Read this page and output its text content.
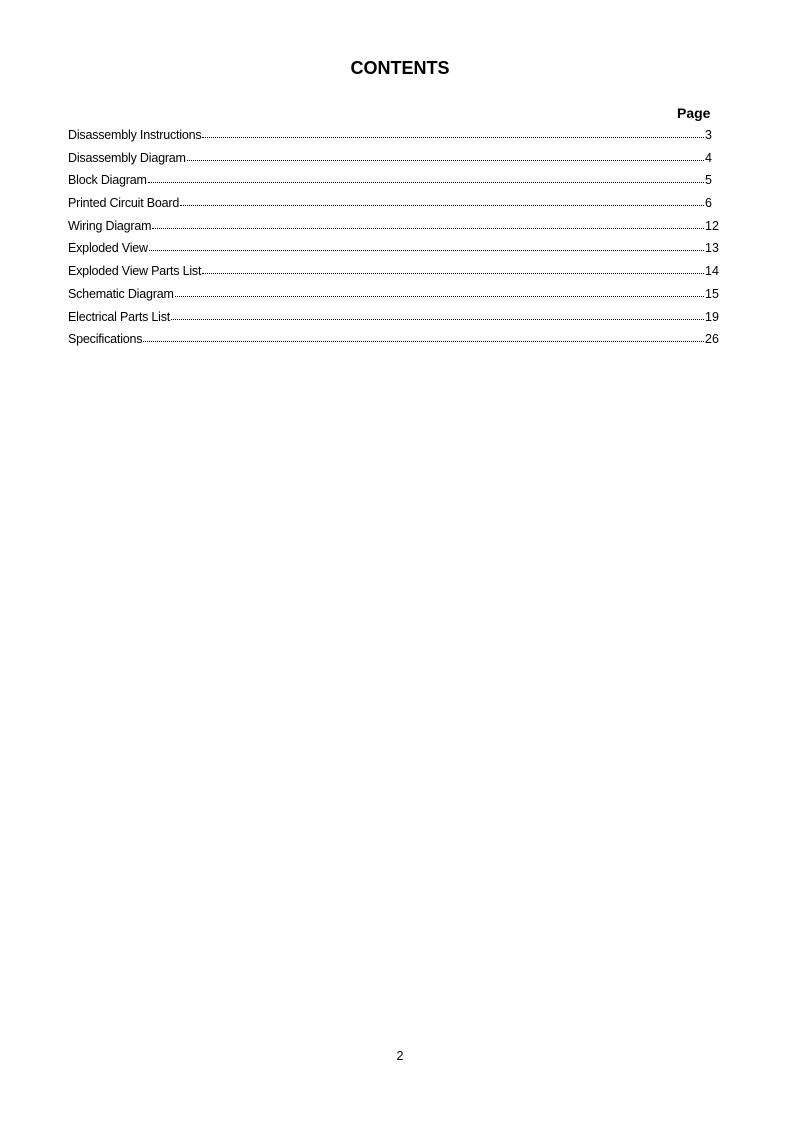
CONTENTS
Page
Disassembly Instructions	3
Disassembly Diagram	4
Block Diagram	5
Printed Circuit Board	6
Wiring Diagram	12
Exploded View	13
Exploded View Parts List	14
Schematic Diagram	15
Electrical Parts List	19
Specifications	26
2
